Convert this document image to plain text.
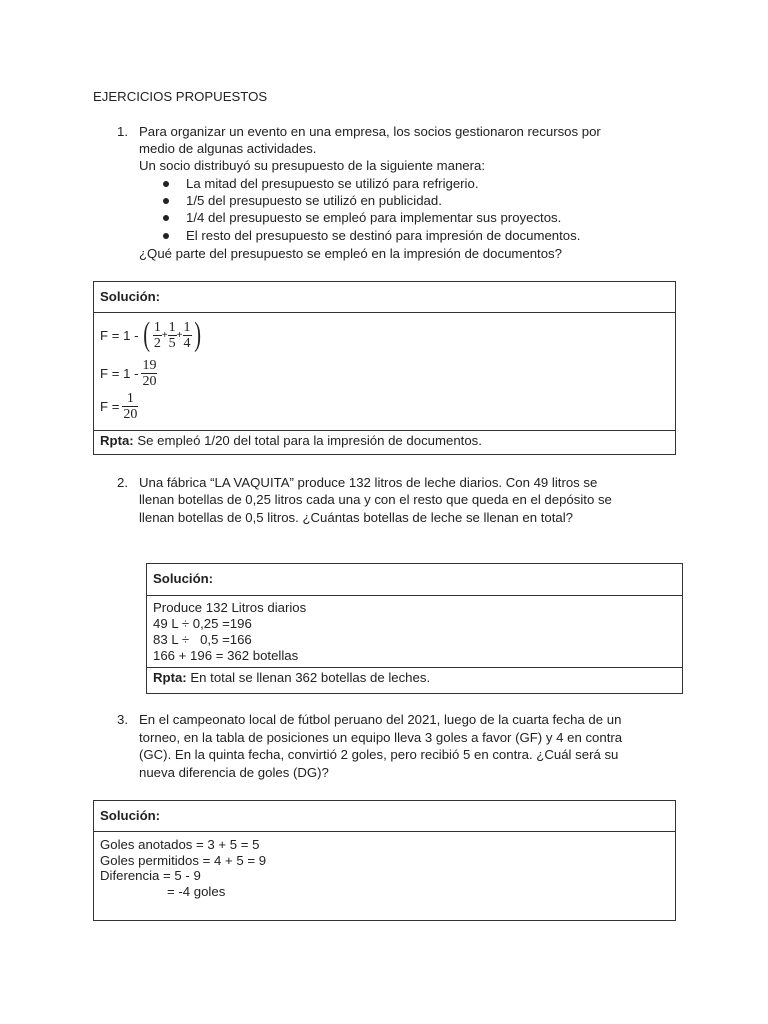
EJERCICIOS PROPUESTOS
1. Para organizar un evento en una empresa, los socios gestionaron recursos por
medio de algunas actividades.
Un socio distribuyó su presupuesto de la siguiente manera:
La mitad del presupuesto se utilizó para refrigerio.
1/5 del presupuesto se utilizó en publicidad.
1/4 del presupuesto se empleó para implementar sus proyectos.
El resto del presupuesto se destinó para impresión de documentos.
¿Qué parte del presupuesto se empleó en la impresión de documentos?
Solución:
F = 1 - ( $\frac{1}{2} + \frac{1}{5} + \frac{1}{4}$ )
$F = 1 - \frac{19}{20}$
$F = \frac{1}{20}$
Rpta: Se empleó 1/20 del total para la impresión de documentos.
2. Una fábrica “LA VAQUITA” produce 132 litros de leche diarios. Con 49 litros se
llenan botellas de 0,25 litros cada una y con el resto que queda en el depósito se
llenan botellas de 0,5 litros. ¿Cuántas botellas de leche se llenan en total?
Solución:
Produce 132 Litros diarios
49 L ÷ 0,25 =196
83 L ÷   0,5 =166
166 + 196 = 362 botellas
Rpta: En total se llenan 362 botellas de leches.
3. En el campeonato local de fútbol peruano del 2021, luego de la cuarta fecha de un
torneo, en la tabla de posiciones un equipo lleva 3 goles a favor (GF) y 4 en contra
(GC). En la quinta fecha, convirtió 2 goles, pero recibió 5 en contra. ¿Cuál será su
nueva diferencia de goles (DG)?
Solución:
Goles anotados = 3 + 5 = 5
Goles permitidos = 4 + 5 = 9
Diferencia = 5 - 9
= -4 goles
